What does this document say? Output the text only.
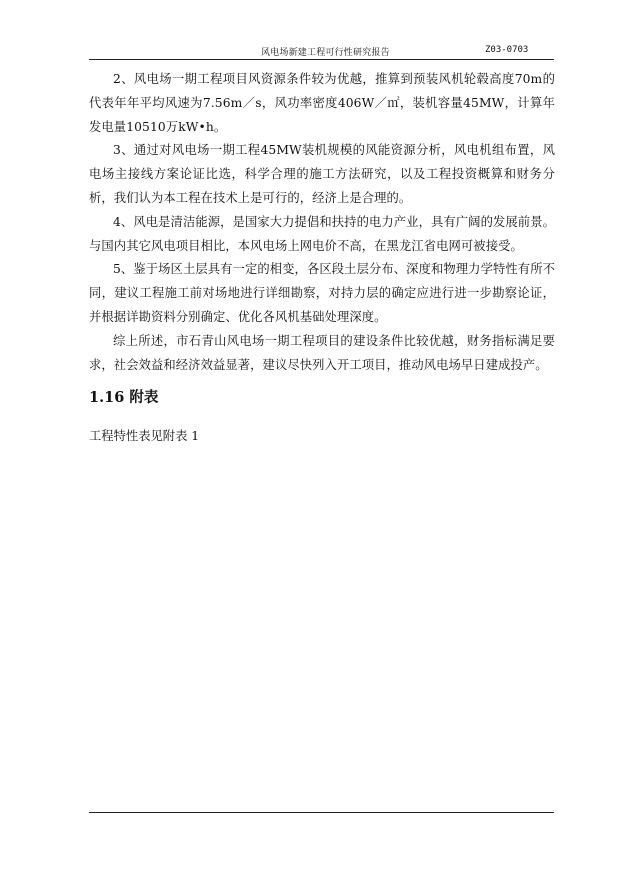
风电场新建工程可行性研究报告	Z03-0703

2、风电场一期工程项目风资源条件较为优越，推算到预装风机轮毂高度70m的代表年年平均风速为7.56m／s，风功率密度406W／㎡，装机容量45MW，计算年发电量10510万kW•h。

3、通过对风电场一期工程45MW装机规模的风能资源分析，风电机组布置，风电场主接线方案论证比选，科学合理的施工方法研究，以及工程投资概算和财务分析，我们认为本工程在技术上是可行的，经济上是合理的。

4、风电是清洁能源，是国家大力提倡和扶持的电力产业，具有广阔的发展前景。与国内其它风电项目相比，本风电场上网电价不高，在黑龙江省电网可被接受。

5、鉴于场区土层具有一定的相变，各区段土层分布、深度和物理力学特性有所不同，建议工程施工前对场地进行详细勘察，对持力层的确定应进行进一步勘察论证，并根据详勘资料分别确定、优化各风机基础处理深度。

综上所述，市石青山风电场一期工程项目的建设条件比较优越，财务指标满足要求，社会效益和经济效益显著，建议尽快列入开工项目，推动风电场早日建成投产。

1.16 附表
工程特性表见附表 1
